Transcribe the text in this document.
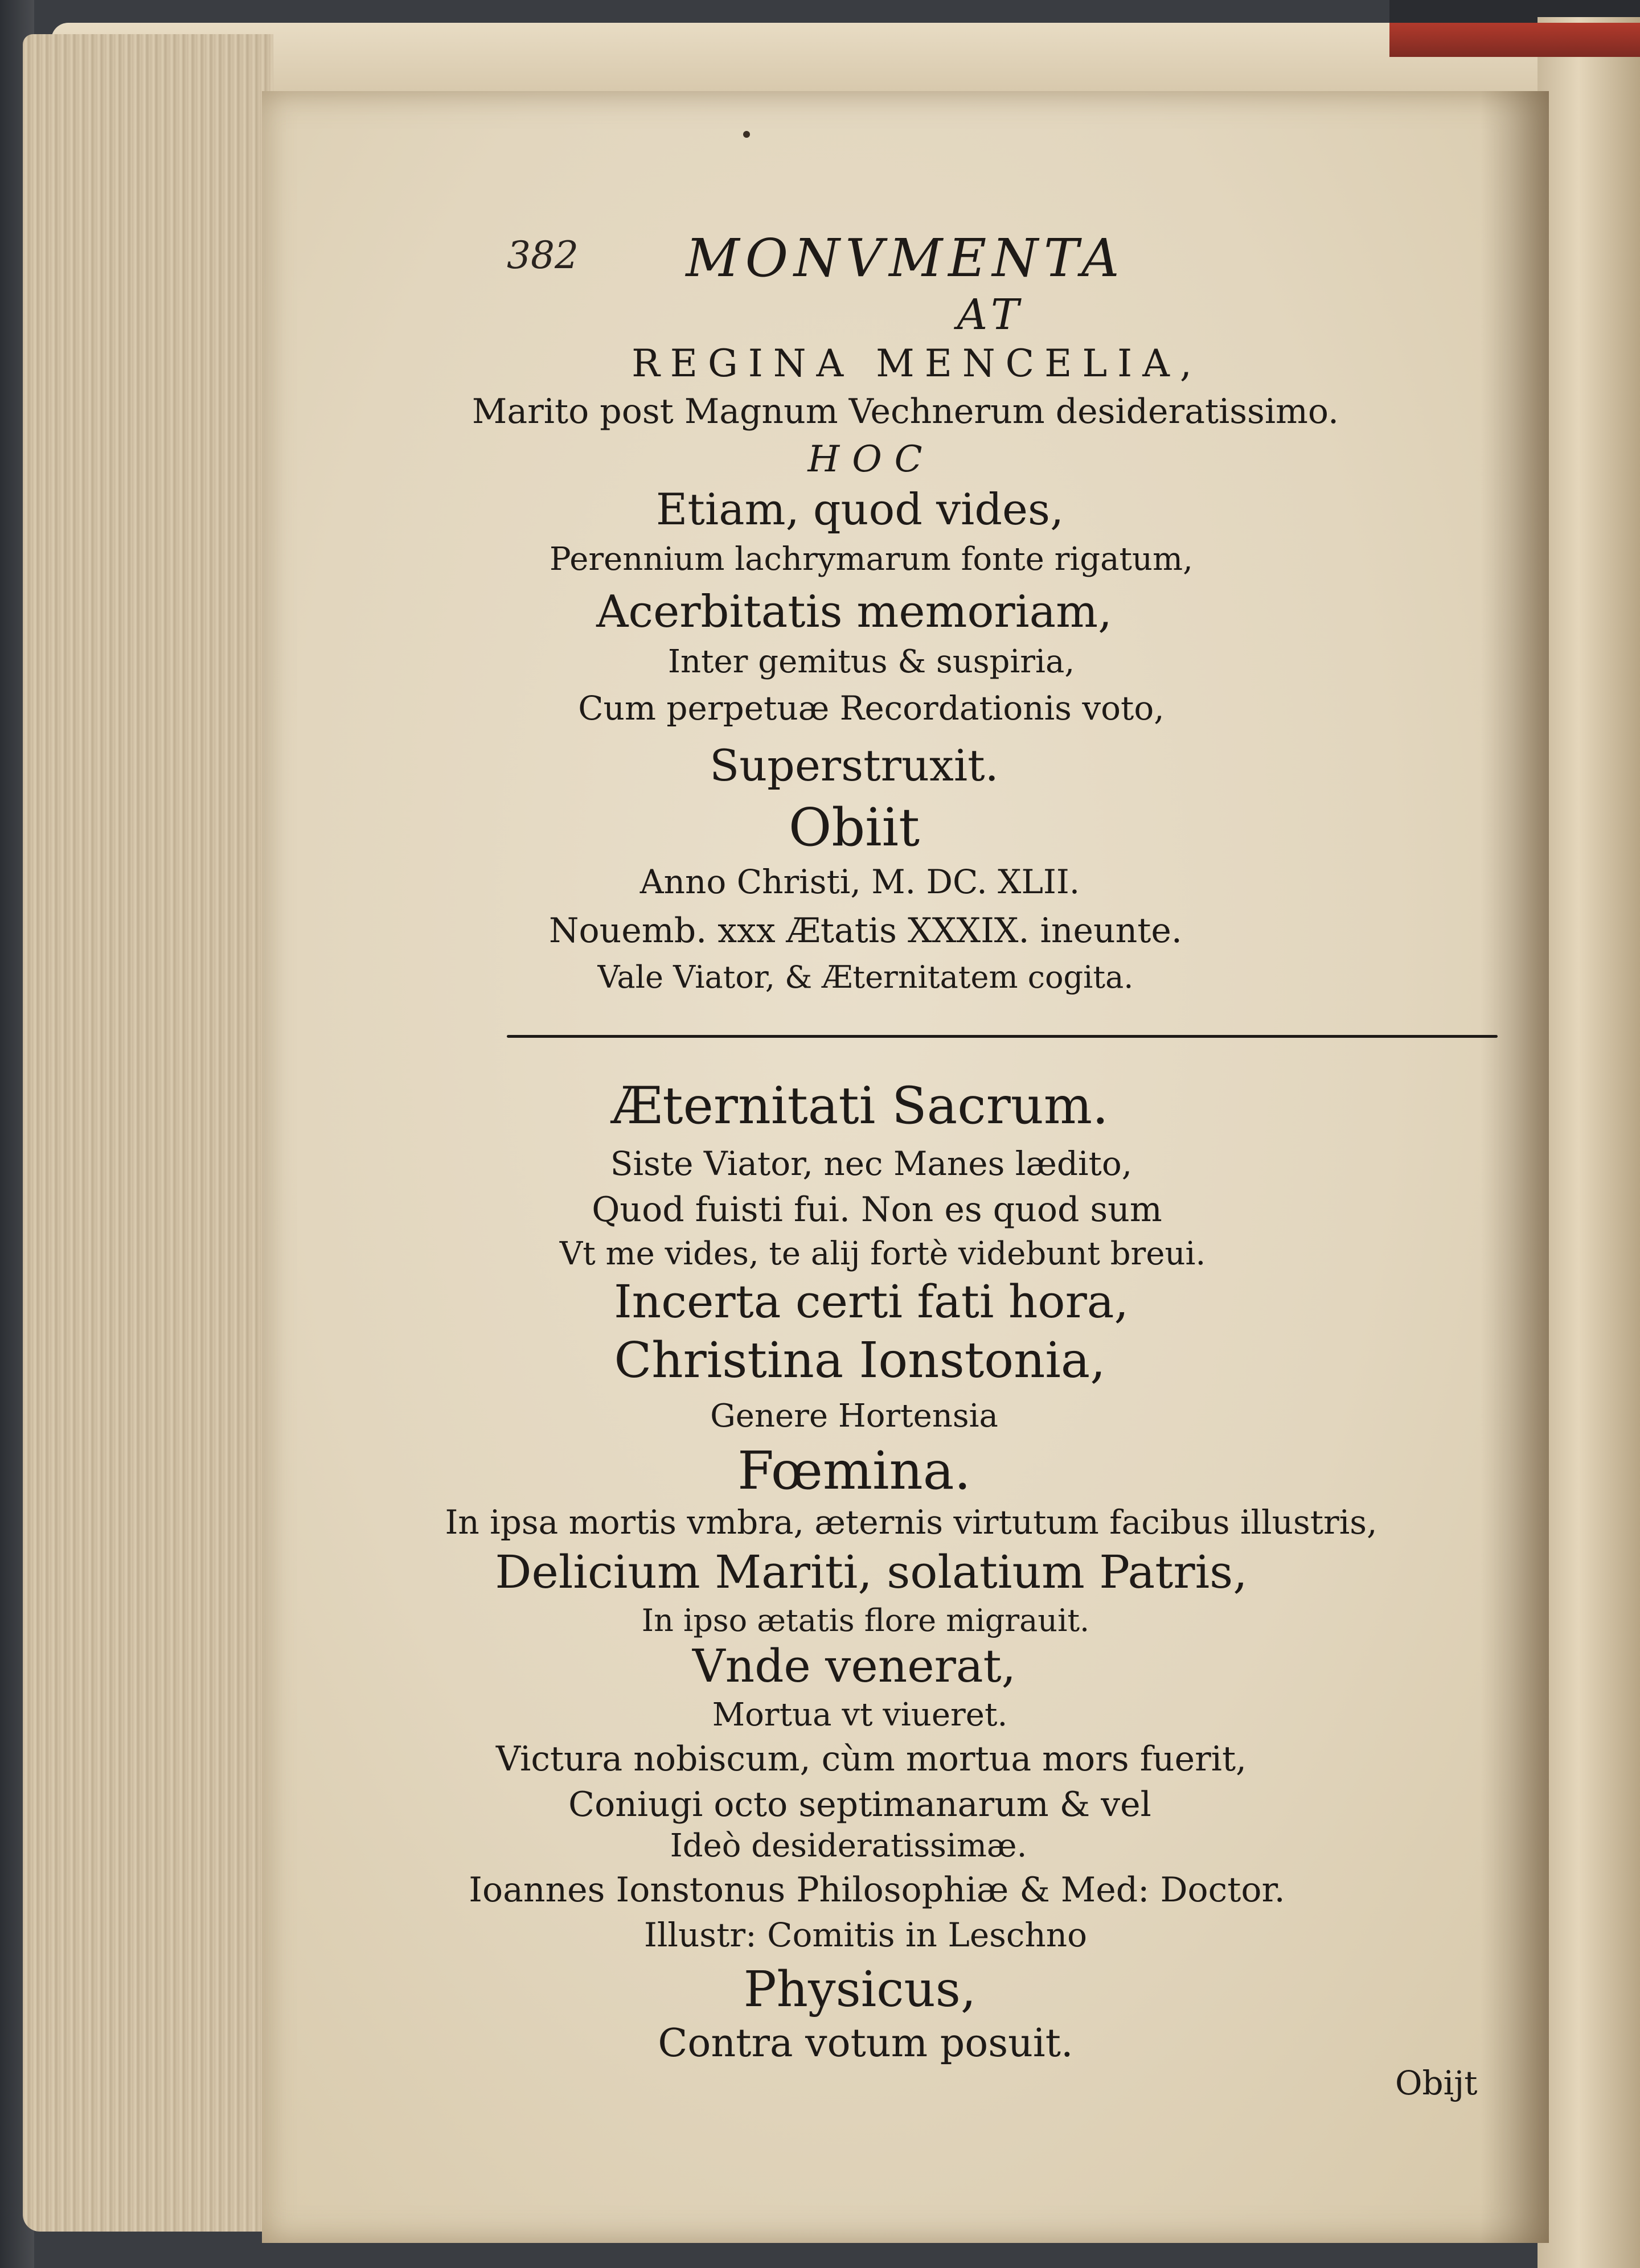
382	MONVMENTA
AT
REGINA MENCELIA,
Marito post Magnum Vechnerum desideratissimo.
HOC
Etiam, quod vides,
Perennium lachrymarum fonte rigatum,
Acerbitatis memoriam,
Inter gemitus & suspiria,
Cum perpetuæ Recordationis voto,
Superstruxit.
Obiit
Anno Christi, M. DC. XLII.
Nouemb. xxx Ætatis XXXIX. ineunte.
Vale Viator, & Æternitatem cogita.
Æternitati Sacrum.
Siste Viator, nec Manes lædito,
Quod fuisti fui. Non es quod sum
Vt me vides, te alij fortè videbunt breui.
Incerta certi fati hora,
Christina Ionstonia,
Genere Hortensia
Fœmina.
In ipsa mortis vmbra, æternis virtutum facibus illustris,
Delicium Mariti, solatium Patris,
In ipso ætatis flore migrauit.
Vnde venerat,
Mortua vt viueret.
Victura nobiscum, cùm mortua mors fuerit,
Coniugi octo septimanarum & vel
Ideò desideratissimæ.
Ioannes Ionstonus Philosophiæ & Med: Doctor.
Illustr: Comitis in Leschno
Physicus,
Contra votum posuit.
Obijt
